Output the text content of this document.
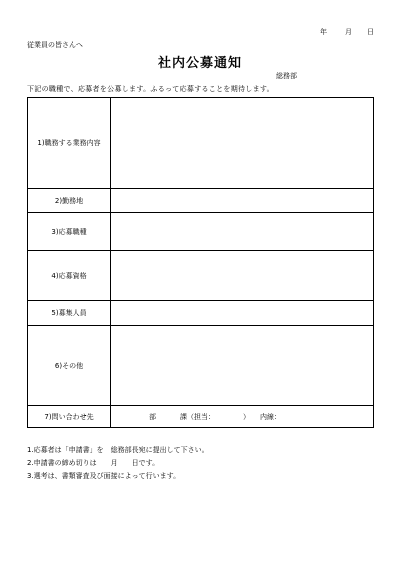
年	月 日
従業員の皆さんへ
社内公募通知
総務部
下記の職種で、応募者を公募します。ふるって応募することを期待します。
1)職務する業務内容	
2)勤務地	
3)応募職種	
4)応募資格	
5)募集人員	
6)その他	
7)問い合わせ先	部 課（担当： ） 内線：
1.応募者は「申請書」を　総務部長宛に提出して下さい。
2.申請書の締め切りは　　月　　日です。
3.選考は、書類審査及び面接によって行います。
